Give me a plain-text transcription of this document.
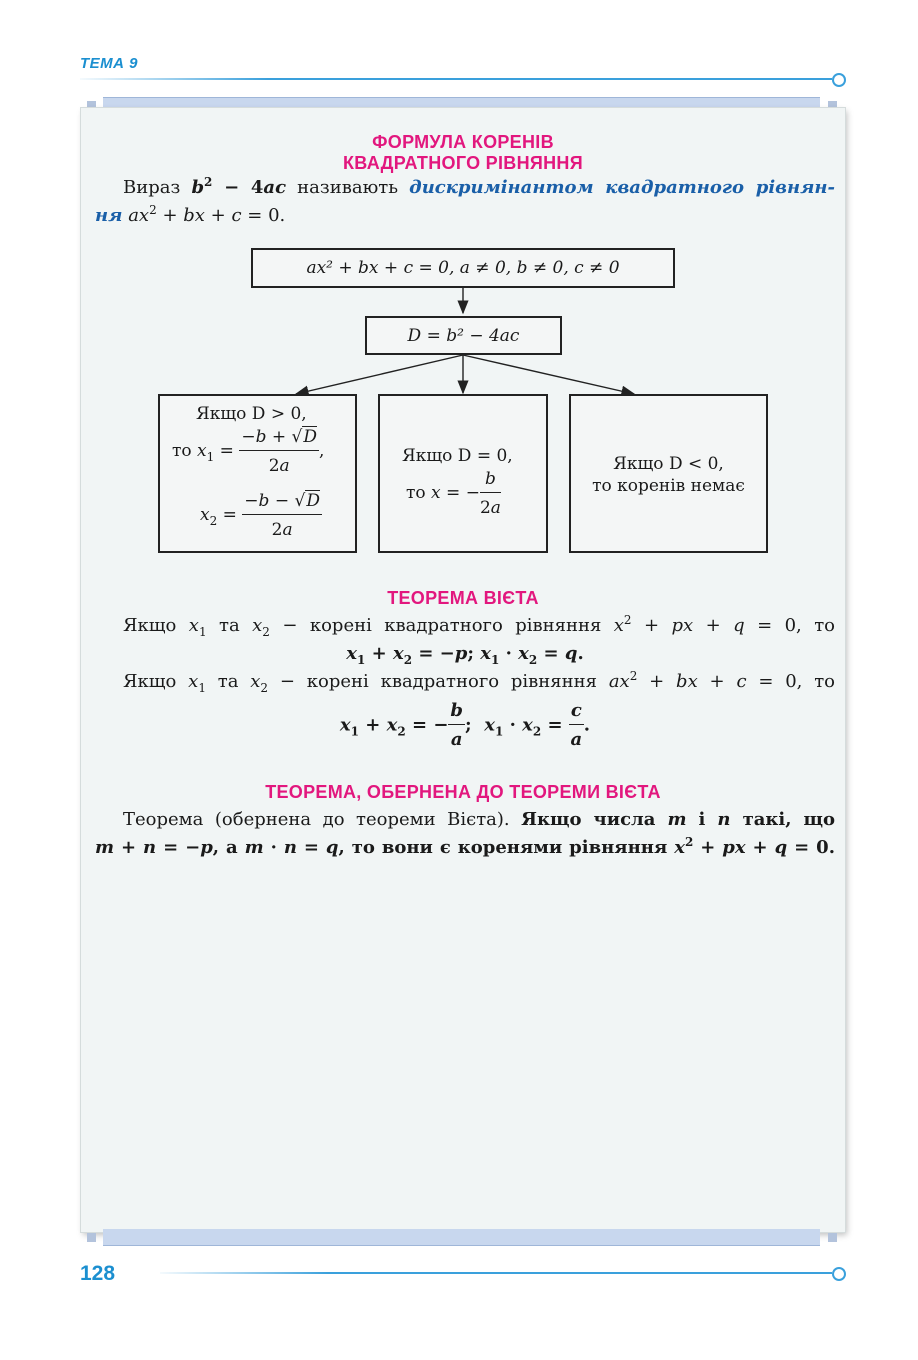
ТЕМА 9
ФОРМУЛА КОРЕНІВ
КВАДРАТНОГО РІВНЯННЯ
Вираз $b^2 - 4ac$ називають дискримінантом квадратного рівнян-
ня $ax^2$ + bx + c = 0.
ax² + bx + c = 0, a ≠ 0, b ≠ 0, c ≠ 0
D = b² − 4ac
Якщо D > 0,
то $x_1 = \frac{-b + √D}{2a}$ ,
$x_2 = \frac{-b - √D}{2a}$
Якщо D = 0,
то x = − $\frac{b}{2a}$
Якщо D < 0,
то коренів немає
ТЕОРЕМА ВІЄТА
Якщо $x_1$ та $x_2$ − корені квадратного рівняння $x^2$ + px + q = 0, то
$x_1 + x_2 = -p$; $x_1 \cdot x_2 = q$.
Якщо $x_1$ та $x_2$ − корені квадратного рівняння $ax^2$ + bx + c = 0, то
$x_1 + x_2$ = − $\frac{b}{a}$ ;  $x_1 \cdot x_2 = \frac{c}{a}$ .
ТЕОРЕМА, ОБЕРНЕНА ДО ТЕОРЕМИ ВІЄТА
Теорема (обернена до теореми Вієта). Якщо числа m і n такі, що
m + n = −p, а m · n = q, то вони є коренями рівняння $x^2$ + px + q = 0.
128
